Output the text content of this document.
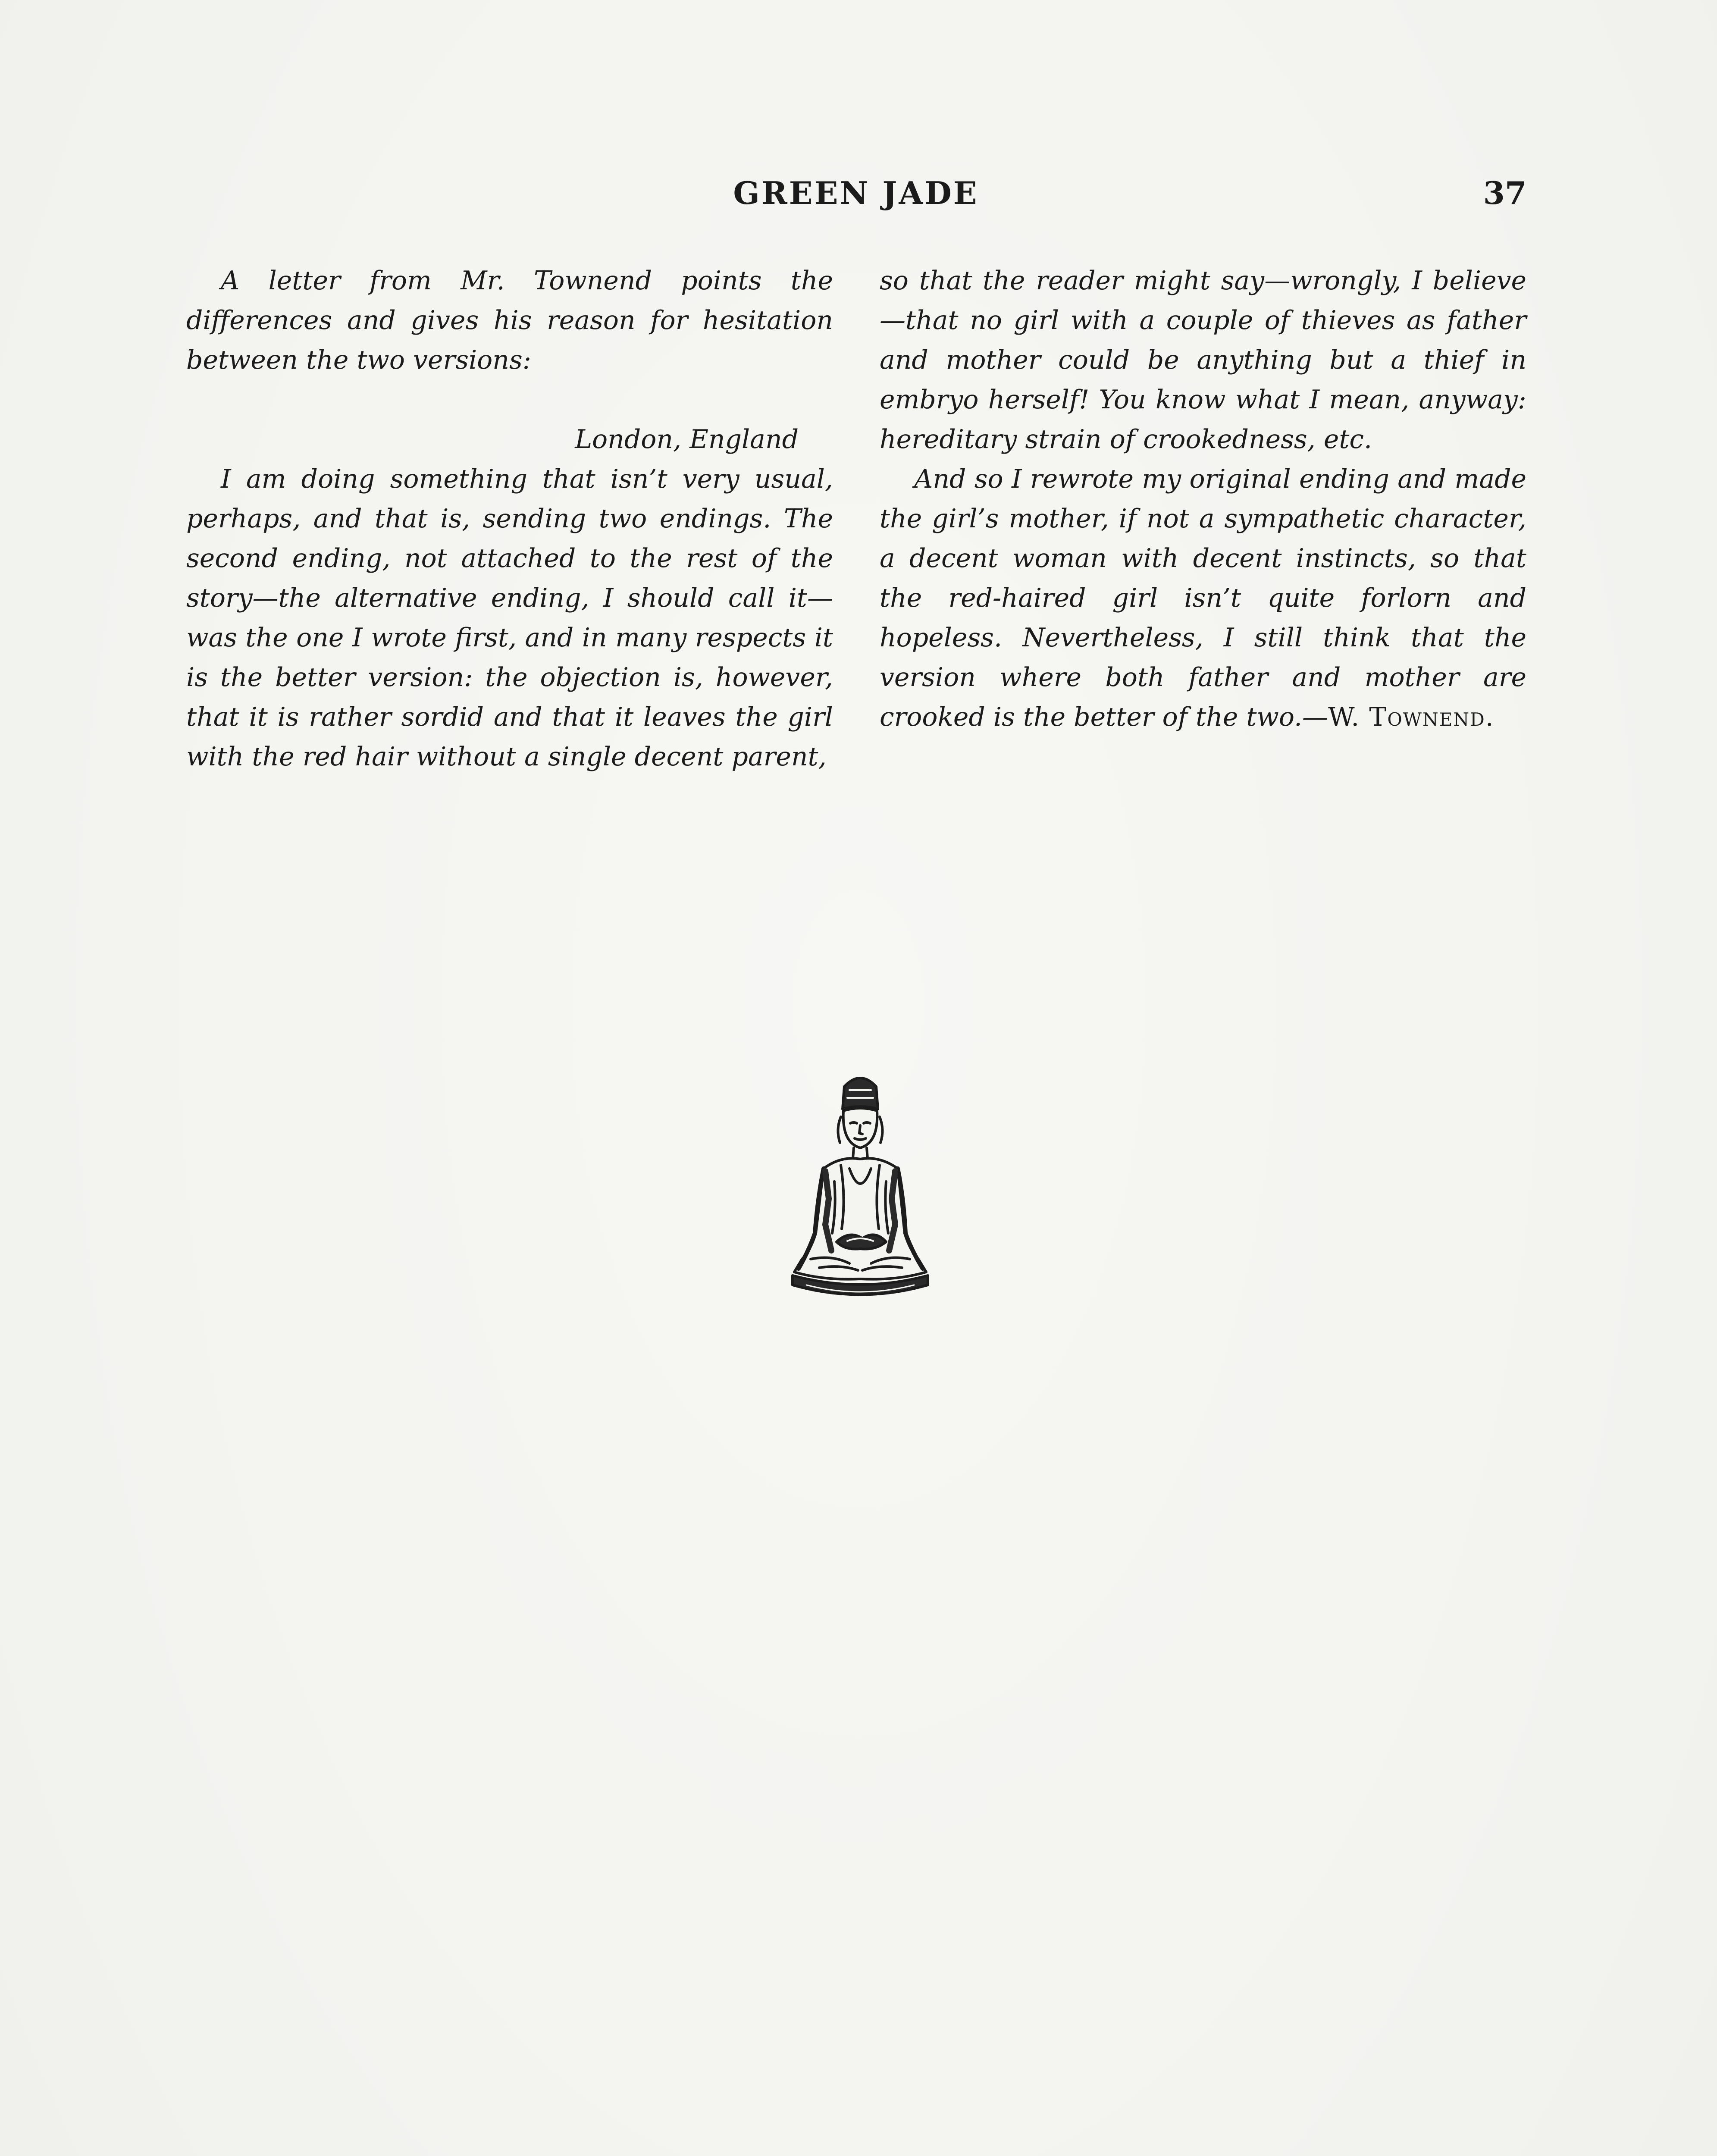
GREEN JADE	37

A letter from Mr. Townend points the differences and gives his reason for hesitation between the two versions:

London, England

I am doing something that isn’t very usual, perhaps, and that is, sending two endings. The second ending, not attached to the rest of the story—the alternative ending, I should call it—was the one I wrote first, and in many respects it is the better version: the objection is, however, that it is rather sordid and that it leaves the girl with the red hair without a single decent parent,

so that the reader might say—wrongly, I believe—that no girl with a couple of thieves as father and mother could be anything but a thief in embryo herself! You know what I mean, anyway: hereditary strain of crookedness, etc.

And so I rewrote my original ending and made the girl’s mother, if not a sympathetic character, a decent woman with decent instincts, so that the red-haired girl isn’t quite forlorn and hopeless. Nevertheless, I still think that the version where both father and mother are crooked is the better of the two.—W. Townend.
